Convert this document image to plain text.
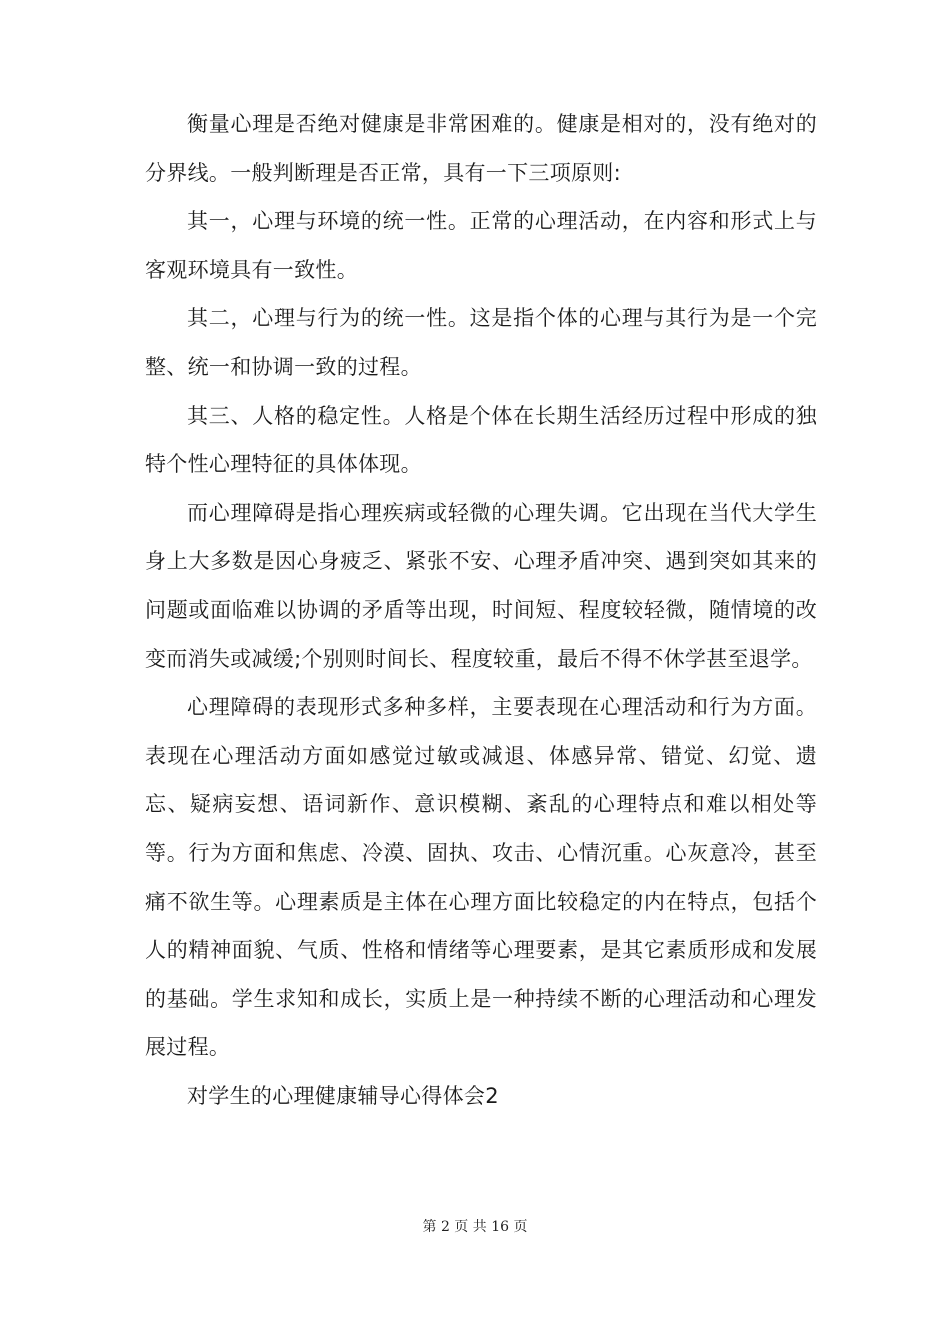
衡量心理是否绝对健康是非常困难的。健康是相对的，没有绝对的分界线。一般判断理是否正常，具有一下三项原则:

其一，心理与环境的统一性。正常的心理活动，在内容和形式上与客观环境具有一致性。

其二，心理与行为的统一性。这是指个体的心理与其行为是一个完整、统一和协调一致的过程。

其三、人格的稳定性。人格是个体在长期生活经历过程中形成的独特个性心理特征的具体体现。

而心理障碍是指心理疾病或轻微的心理失调。它出现在当代大学生身上大多数是因心身疲乏、紧张不安、心理矛盾冲突、遇到突如其来的问题或面临难以协调的矛盾等出现，时间短、程度较轻微，随情境的改变而消失或减缓;个别则时间长、程度较重，最后不得不休学甚至退学。

心理障碍的表现形式多种多样，主要表现在心理活动和行为方面。表现在心理活动方面如感觉过敏或减退、体感异常、错觉、幻觉、遗忘、疑病妄想、语词新作、意识模糊、紊乱的心理特点和难以相处等等。行为方面和焦虑、冷漠、固执、攻击、心情沉重。心灰意冷，甚至痛不欲生等。心理素质是主体在心理方面比较稳定的内在特点，包括个人的精神面貌、气质、性格和情绪等心理要素，是其它素质形成和发展的基础。学生求知和成长，实质上是一种持续不断的心理活动和心理发展过程。

对学生的心理健康辅导心得体会2

第 2 页 共 16 页
